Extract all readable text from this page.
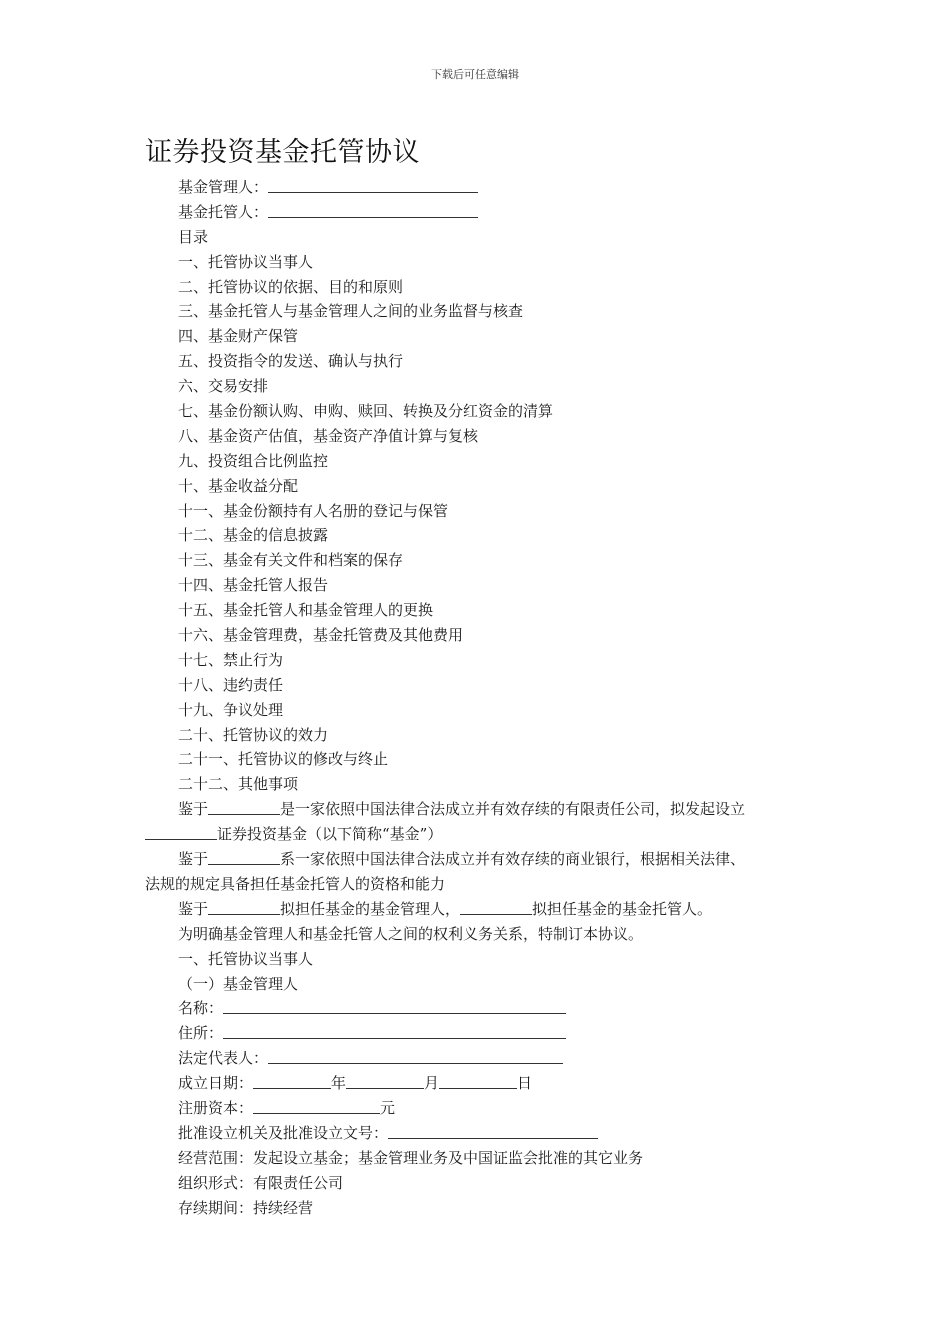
下载后可任意编辑
证券投资基金托管协议
基金管理人：
基金托管人：
目录
一、托管协议当事人
二、托管协议的依据、目的和原则
三、基金托管人与基金管理人之间的业务监督与核查
四、基金财产保管
五、投资指令的发送、确认与执行
六、交易安排
七、基金份额认购、申购、赎回、转换及分红资金的清算
八、基金资产估值，基金资产净值计算与复核
九、投资组合比例监控
十、基金收益分配
十一、基金份额持有人名册的登记与保管
十二、基金的信息披露
十三、基金有关文件和档案的保存
十四、基金托管人报告
十五、基金托管人和基金管理人的更换
十六、基金管理费，基金托管费及其他费用
十七、禁止行为
十八、违约责任
十九、争议处理
二十、托管协议的效力
二十一、托管协议的修改与终止
二十二、其他事项
鉴于	是一家依照中国法律合法成立并有效存续的有限责任公司，拟发起设立
证券投资基金（以下简称“基金”）
鉴于	系一家依照中国法律合法成立并有效存续的商业银行，根据相关法律、
法规的规定具备担任基金托管人的资格和能力
鉴于	拟担任基金的基金管理人，	拟担任基金的基金托管人。
为明确基金管理人和基金托管人之间的权利义务关系，特制订本协议。
一、托管协议当事人
（一）基金管理人
名称：
住所：
法定代表人：
成立日期：	年	月	日
注册资本：	元
批准设立机关及批准设立文号：
经营范围：发起设立基金；基金管理业务及中国证监会批准的其它业务
组织形式：有限责任公司
存续期间：持续经营
